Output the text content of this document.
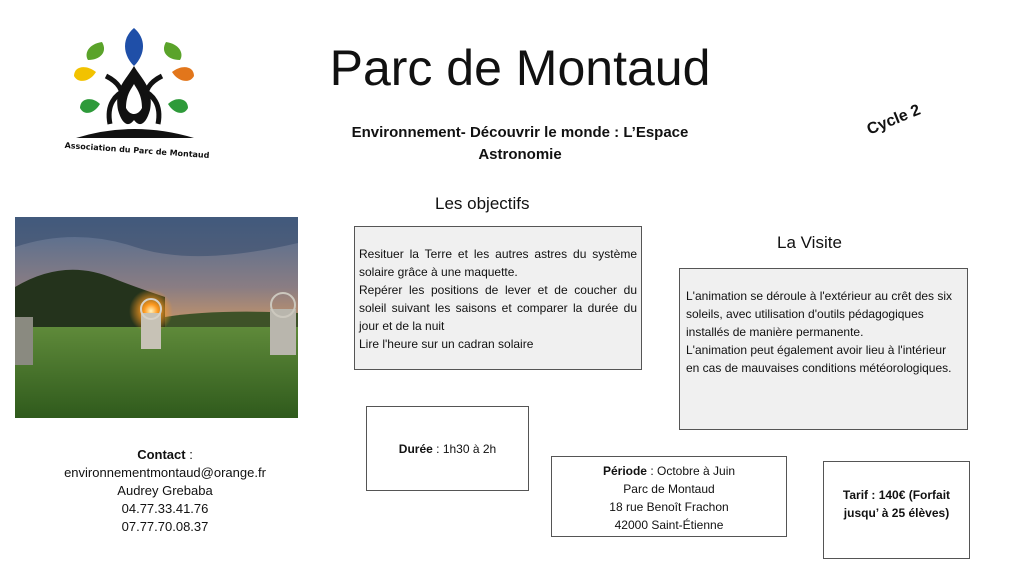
Association du Parc de Montaud
Parc de Montaud
Environnement- Découvrir le monde : L’Espace
Astronomie
Cycle 2
Les objectifs
Resituer la Terre et les autres astres du système solaire grâce à une maquette.
Repérer les positions de lever et de coucher du soleil suivant les saisons et comparer la durée du jour et de la nuit
Lire l'heure sur un cadran solaire
La Visite
L'animation se déroule à l'extérieur au crêt des six soleils, avec utilisation d'outils pédagogiques installés de manière permanente.
L'animation peut également avoir lieu à l'intérieur en cas de mauvaises conditions météorologiques.
Durée : 1h30 à 2h
Période : Octobre à Juin
Parc de Montaud
18 rue Benoît Frachon
42000 Saint-Étienne
Tarif : 140€ (Forfait
jusqu’ à 25 élèves)
Contact :
environnementmontaud@orange.fr
Audrey Grebaba
04.77.33.41.76
07.77.70.08.37
